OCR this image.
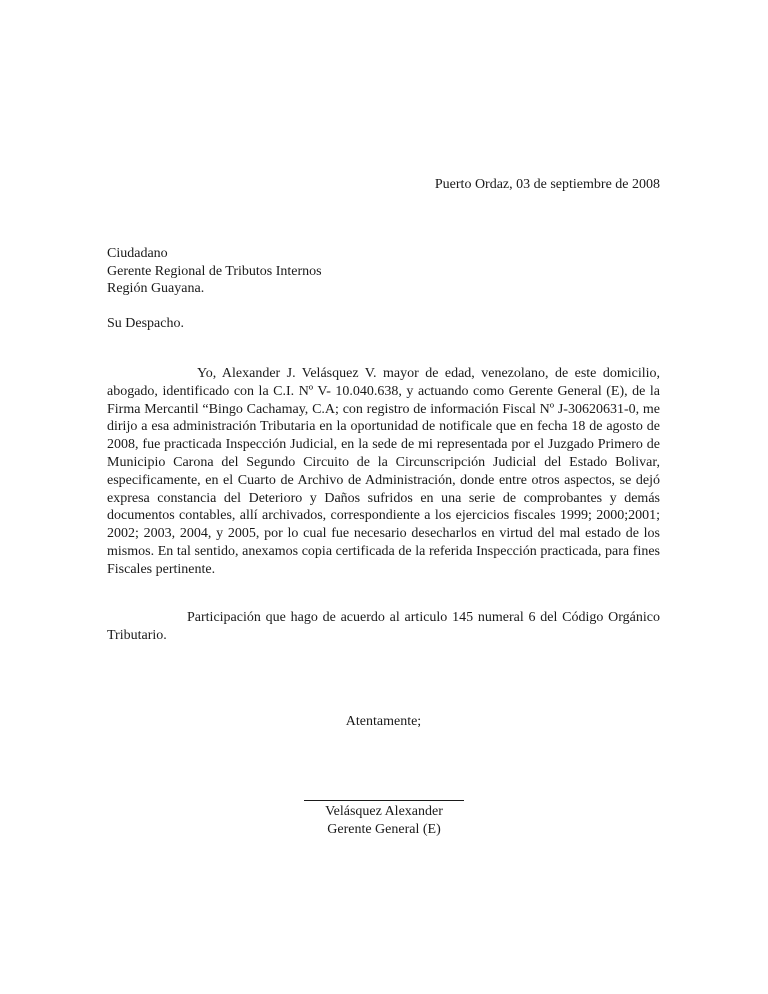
Puerto Ordaz, 03 de septiembre de 2008
Ciudadano
Gerente Regional de Tributos Internos
Región Guayana.
Su Despacho.

Yo, Alexander J. Velásquez V. mayor de edad, venezolano, de este domicilio, abogado, identificado con la C.I. Nº V- 10.040.638, y actuando como Gerente General (E), de la Firma Mercantil “Bingo Cachamay, C.A; con registro de información Fiscal Nº J-30620631-0, me dirijo a esa administración Tributaria en la oportunidad de notificale que en fecha 18 de agosto de 2008, fue practicada Inspección Judicial, en la sede de mi representada por el Juzgado Primero de Municipio Carona del Segundo Circuito de la Circunscripción Judicial del Estado Bolivar, especificamente, en el Cuarto de Archivo de Administración, donde entre otros aspectos, se dejó expresa constancia del Deterioro y Daños sufridos en una serie de comprobantes y demás documentos contables, allí archivados, correspondiente a los ejercicios fiscales 1999; 2000;2001; 2002; 2003, 2004, y 2005, por lo cual fue necesario desecharlos en virtud del mal estado de los mismos. En tal sentido, anexamos copia certificada de la referida Inspección practicada, para fines Fiscales pertinente.

Participación que hago de acuerdo al articulo 145 numeral 6 del Código Orgánico Tributario.

Atentamente;
Velásquez Alexander
Gerente General (E)
